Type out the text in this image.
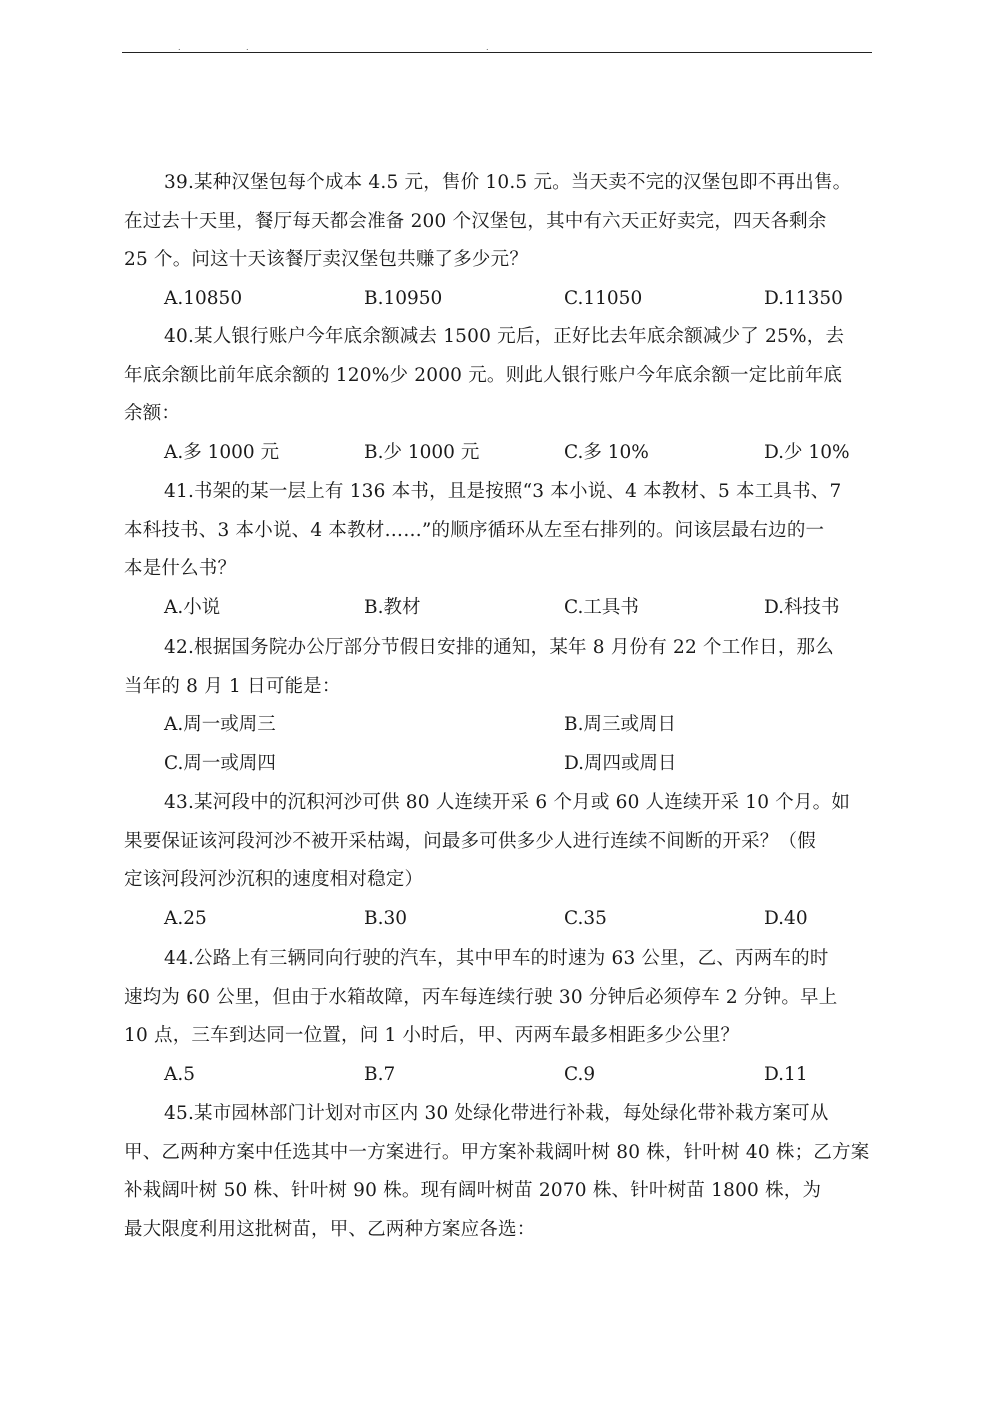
.	.	.
39.某种汉堡包每个成本 4.5 元，售价 10.5 元。当天卖不完的汉堡包即不再出售。
在过去十天里，餐厅每天都会准备 200 个汉堡包，其中有六天正好卖完，四天各剩余
25 个。问这十天该餐厅卖汉堡包共赚了多少元？
A.10850	B.10950	C.11050	D.11350
40.某人银行账户今年底余额减去 1500 元后，正好比去年底余额减少了 25%，去
年底余额比前年底余额的 120%少 2000 元。则此人银行账户今年底余额一定比前年底
余额：
A.多 1000 元	B.少 1000 元	C.多 10%	D.少 10%
41.书架的某一层上有 136 本书，且是按照“3 本小说、4 本教材、5 本工具书、7
本科技书、3 本小说、4 本教材……”的顺序循环从左至右排列的。问该层最右边的一
本是什么书？
A.小说	B.教材	C.工具书	D.科技书
42.根据国务院办公厅部分节假日安排的通知，某年 8 月份有 22 个工作日，那么
当年的 8 月 1 日可能是：
A.周一或周三	B.周三或周日
C.周一或周四	D.周四或周日
43.某河段中的沉积河沙可供 80 人连续开采 6 个月或 60 人连续开采 10 个月。如
果要保证该河段河沙不被开采枯竭，问最多可供多少人进行连续不间断的开采？（假
定该河段河沙沉积的速度相对稳定）
A.25	B.30	C.35	D.40
44.公路上有三辆同向行驶的汽车，其中甲车的时速为 63 公里，乙、丙两车的时
速均为 60 公里，但由于水箱故障，丙车每连续行驶 30 分钟后必须停车 2 分钟。早上
10 点，三车到达同一位置，问 1 小时后，甲、丙两车最多相距多少公里？
A.5	B.7	C.9	D.11
45.某市园林部门计划对市区内 30 处绿化带进行补栽，每处绿化带补栽方案可从
甲、乙两种方案中任选其中一方案进行。甲方案补栽阔叶树 80 株，针叶树 40 株；乙方案
补栽阔叶树 50 株、针叶树 90 株。现有阔叶树苗 2070 株、针叶树苗 1800 株，为
最大限度利用这批树苗，甲、乙两种方案应各选：
